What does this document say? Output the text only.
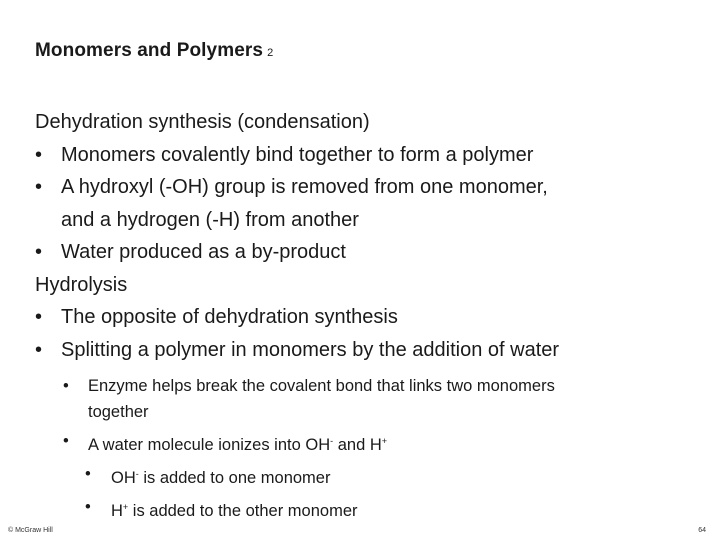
Monomers and Polymers 2
Dehydration synthesis (condensation)
• Monomers covalently bind together to form a polymer
• A hydroxyl (-OH) group is removed from one monomer,
and a hydrogen (-H) from another
• Water produced as a by-product
Hydrolysis
• The opposite of dehydration synthesis
• Splitting a polymer in monomers by the addition of water
• Enzyme helps break the covalent bond that links two monomers
together
• A water molecule ionizes into OH- and H+
• OH- is added to one monomer
• H+ is added to the other monomer
© McGraw Hill	64
